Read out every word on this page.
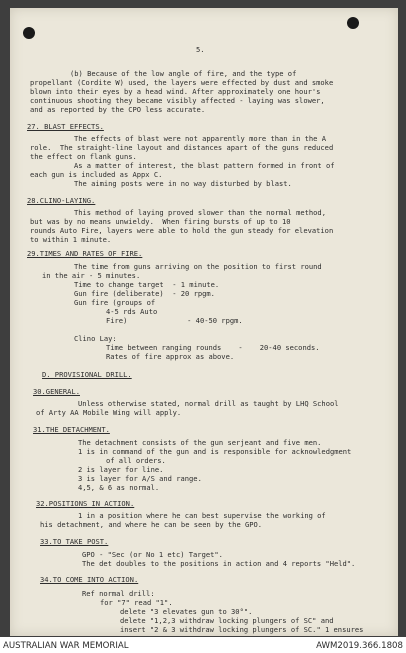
5.

(b) Because of the low angle of fire, and the type of

propellant (Cordite W) used, the layers were effected by dust and smoke

blown into their eyes by a head wind. After approximately one hour's

continuous shooting they became visibly affected - laying was slower,

and as reported by the CPO less accurate.

27. BLAST EFFECTS.

The effects of blast were not apparently more than in the A

role.  The straight-line layout and distances apart of the guns reduced

the effect on flank guns.

As a matter of interest, the blast pattern formed in front of

each gun is included as Appx C.

The aiming posts were in no way disturbed by blast.

28.CLINO-LAYING.

This method of laying proved slower than the normal method,

but was by no means unwieldy.  When firing bursts of up to 10

rounds Auto Fire, layers were able to hold the gun steady for elevation

to within 1 minute.

29.TIMES AND RATES OF FIRE.

The time from guns arriving on the position to first round

in the air - 5 minutes.

Time to change target  - 1 minute.

Gun fire (deliberate)  - 20 rpgm.

Gun fire (groups of

4-5 rds Auto

Fire)              - 40-50 rpgm.

Clino Lay:

Time between ranging rounds    -    20-40 seconds.

Rates of fire approx as above.

D. PROVISIONAL DRILL.

30.GENERAL.

Unless otherwise stated, normal drill as taught by LHQ School

of Arty AA Mobile Wing will apply.

31.THE DETACHMENT.

The detachment consists of the gun serjeant and five men.

1 is in command of the gun and is responsible for acknowledgment

of all orders.

2 is layer for line.

3 is layer for A/S and range.

4,5, & 6 as normal.

32.POSITIONS IN ACTION.

1 in a position where he can best supervise the working of

his detachment, and where he can be seen by the GPO.

33.TO TAKE POST.

GPO - "Sec (or No 1 etc) Target".

The det doubles to the positions in action and 4 reports "Held".

34.TO COME INTO ACTION.

Ref normal drill:

for "7" read "1".

delete "3 elevates gun to 30°".

delete "1,2,3 withdraw locking plungers of SC" and

insert "2 & 3 withdraw locking plungers of SC." 1 ensures

AUSTRALIAN WAR MEMORIAL	AWM2019.366.1808
